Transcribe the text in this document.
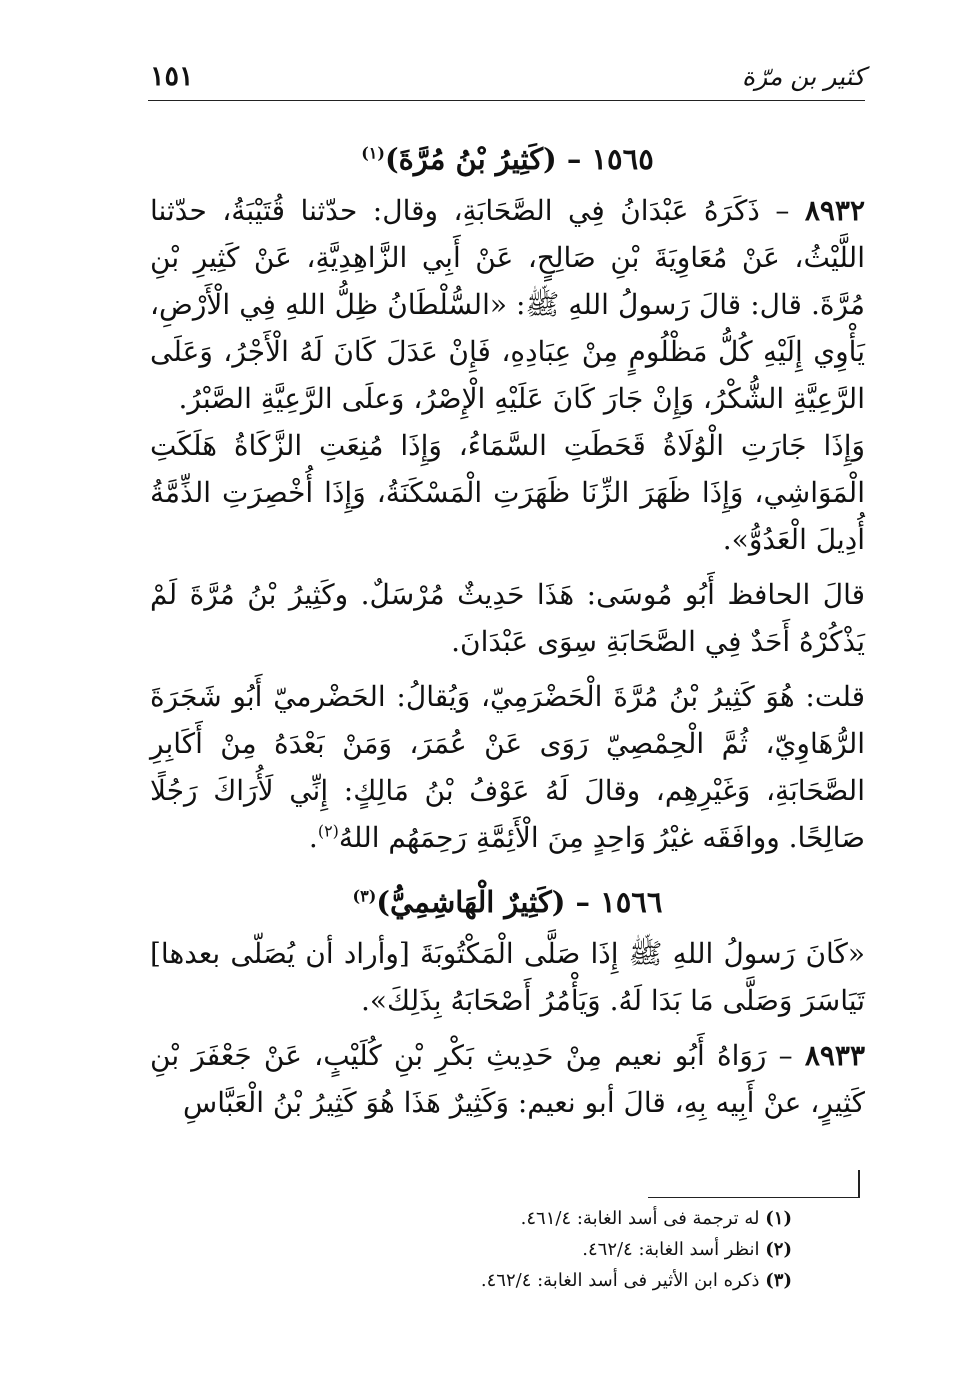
كثير بن مرّة
١٥١
١٥٦٥ – (كَثِيرُ بْنُ مُرَّةَ)$^{(١)}$

٨٩٣٢ – ذَكَرَهُ عَبْدَانُ فِي الصَّحَابَةِ، وقال: حدّثنا قُتَيْبَةُ، حدّثنا اللَّيْثُ، عَنْ مُعَاوِيَةَ بْنِ صَالِحٍ، عَنْ أَبِي الزَّاهِدِيَّةِ، عَنْ كَثِيرِ بْنِ مُرَّةَ. قال: قالَ رَسولُ اللهِ ﷺ: «السُّلْطَانُ ظِلُّ اللهِ فِي الْأَرْضِ، يَأْوِي إِلَيْهِ كُلُّ مَظْلُومٍ مِنْ عِبَادِهِ، فَإِنْ عَدَلَ كَانَ لَهُ الْأَجْرُ، وَعَلَى الرَّعِيَّةِ الشُّكْرُ، وَإِنْ جَارَ كَانَ عَلَيْهِ الْإِصْرُ، وَعلَى الرَّعِيَّةِ الصَّبْرُ.

وَإِذَا جَارَتِ الْوُلَاةُ قَحَطَتِ السَّمَاءُ، وَإِذَا مُنِعَتِ الزَّكَاةُ هَلَكَتِ الْمَوَاشِي، وَإِذَا ظَهَرَ الزِّنَا ظَهَرَتِ الْمَسْكَنَةُ، وَإِذَا أُخْصِرَتِ الذِّمَّةُ أُدِيلَ الْعَدُوُّ».

قالَ الحافظ أَبُو مُوسَى: هَذَا حَدِيثٌ مُرْسَلٌ. وكَثِيرُ بْنُ مُرَّةَ لَمْ يَذْكُرْهُ أَحَدٌ فِي الصَّحَابَةِ سِوَى عَبْدَانَ.

قلت: هُوَ كَثِيرُ بْنُ مُرَّةَ الْحَضْرَمِيّ، وَيُقالُ: الحَضْرميّ أَبُو شَجَرَةَ الرُّهَاوِيّ، ثُمَّ الْحِمْصِيّ رَوَى عَنْ عُمَرَ، وَمَنْ بَعْدَهُ مِنْ أَكَابِرِ الصَّحَابَةِ، وَغَيْرِهِم، وقالَ لَهُ عَوْفُ بْنُ مَالِكٍ: إِنِّي لَأُرَاكَ رَجُلًا صَالِحًا. ووافَقَه غيْرُ وَاحِدٍ مِنَ الْأَئِمَّةِ رَحِمَهُم اللهُ$^{(٢)}$.

١٥٦٦ – (كَثِيرٌ الْهَاشِمِيُّ)$^{(٣)}$

«كَانَ رَسولُ اللهِ ﷺ إِذَا صَلَّى الْمَكْتُوبَةَ [وأراد أن يُصَلّى بعدها] تَيَاسَرَ وَصَلَّى مَا بَدَا لَهُ. وَيَأْمُرُ أَصْحَابَهُ بِذَلِكَ».

٨٩٣٣ – رَوَاهُ أَبُو نعيم مِنْ حَدِيثِ بَكْرِ بْنِ كُلَيْبٍ، عَنْ جَعْفَرَ بْنِ كَثِيرٍ، عنْ أَبِيه بِهِ، قالَ أبو نعيم: وَكَثِيرٌ هَذَا هُوَ كَثِيرُ بْنُ الْعَبَّاسِ

(١) له ترجمة فى أسد الغابة: ٤٦١/٤.
(٢) انظر أسد الغابة: ٤٦٢/٤.
(٣) ذكره ابن الأثير فى أسد الغابة: ٤٦٢/٤.
